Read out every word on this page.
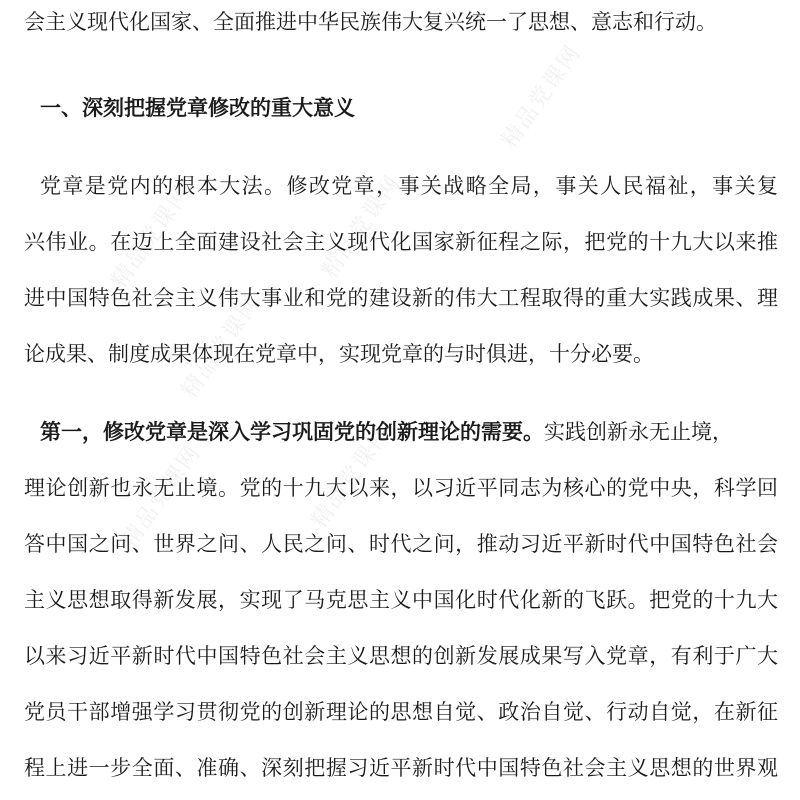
精品党课网	精品党课网
精品党课网
精品党课网	精品党课网
精品党课网
会主义现代化国家、全面推进中华民族伟大复兴统一了思想、意志和行动。
一、深刻把握党章修改的重大意义
党章是党内的根本大法。修改党章，事关战略全局，事关人民福祉，事关复
兴伟业。在迈上全面建设社会主义现代化国家新征程之际，把党的十九大以来推
进中国特色社会主义伟大事业和党的建设新的伟大工程取得的重大实践成果、理
论成果、制度成果体现在党章中，实现党章的与时俱进，十分必要。
第一，修改党章是深入学习巩固党的创新理论的需要。实践创新永无止境，
理论创新也永无止境。党的十九大以来，以习近平同志为核心的党中央，科学回
答中国之问、世界之问、人民之问、时代之问，推动习近平新时代中国特色社会
主义思想取得新发展，实现了马克思主义中国化时代化新的飞跃。把党的十九大
以来习近平新时代中国特色社会主义思想的创新发展成果写入党章，有利于广大
党员干部增强学习贯彻党的创新理论的思想自觉、政治自觉、行动自觉，在新征
程上进一步全面、准确、深刻把握习近平新时代中国特色社会主义思想的世界观
